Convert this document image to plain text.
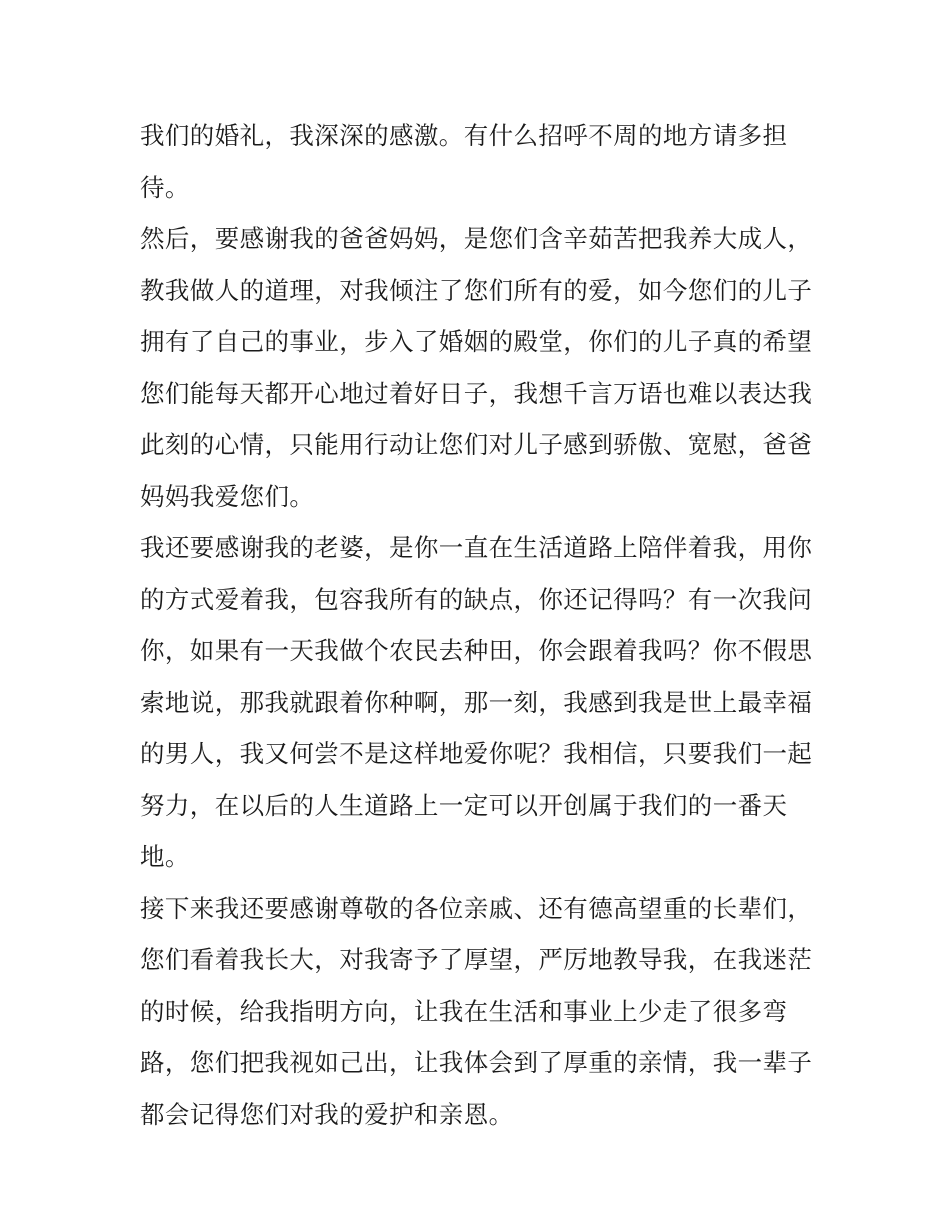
我们的婚礼，我深深的感激。有什么招呼不周的地方请多担
待。
然后，要感谢我的爸爸妈妈，是您们含辛茹苦把我养大成人，
教我做人的道理，对我倾注了您们所有的爱，如今您们的儿子
拥有了自己的事业，步入了婚姻的殿堂，你们的儿子真的希望
您们能每天都开心地过着好日子，我想千言万语也难以表达我
此刻的心情，只能用行动让您们对儿子感到骄傲、宽慰，爸爸
妈妈我爱您们。
我还要感谢我的老婆，是你一直在生活道路上陪伴着我，用你
的方式爱着我，包容我所有的缺点，你还记得吗？有一次我问
你，如果有一天我做个农民去种田，你会跟着我吗？你不假思
索地说，那我就跟着你种啊，那一刻，我感到我是世上最幸福
的男人，我又何尝不是这样地爱你呢？我相信，只要我们一起
努力，在以后的人生道路上一定可以开创属于我们的一番天
地。
接下来我还要感谢尊敬的各位亲戚、还有德高望重的长辈们，
您们看着我长大，对我寄予了厚望，严厉地教导我，在我迷茫
的时候，给我指明方向，让我在生活和事业上少走了很多弯
路，您们把我视如己出，让我体会到了厚重的亲情，我一辈子
都会记得您们对我的爱护和亲恩。
